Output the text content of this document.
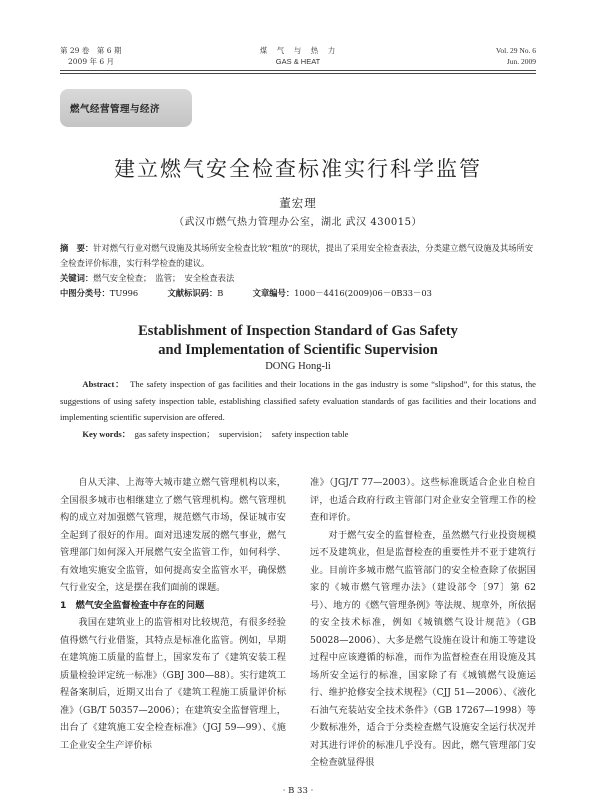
第 29 卷　第 6 期
2009 年 6 月
煤　气　与　热　力
GAS & HEAT
Vol. 29 No. 6
Jun. 2009
燃气经营管理与经济
建立燃气安全检查标准实行科学监管
董宏理
（武汉市燃气热力管理办公室，湖北 武汉 430015）
摘　要：针对燃气行业对燃气设施及其场所安全检查比较“粗放”的现状，提出了采用安全检查表法，分类建立燃气设施及其场所安全检查评价标准，实行科学检查的建议。
关键词：燃气安全检查；　监管；　安全检查表法
中图分类号：TU996	文献标识码：B	文章编号：1000－4416(2009)06－0B33－03
Establishment of Inspection Standard of Gas Safety
and Implementation of Scientific Supervision
DONG Hong-li
Abstract： The safety inspection of gas facilities and their locations in the gas industry is some “slipshod”, for this status, the suggestions of using safety inspection table, establishing classified safety evaluation standards of gas facilities and their locations and implementing scientific supervision are offered.
Key words： gas safety inspection；　supervision；　safety inspection table

自从天津、上海等大城市建立燃气管理机构以来，全国很多城市也相继建立了燃气管理机构。燃气管理机构的成立对加强燃气管理，规范燃气市场，保证城市安全起到了很好的作用。面对迅速发展的燃气事业，燃气管理部门如何深入开展燃气安全监管工作，如何科学、有效地实施安全监管，如何提高安全监管水平，确保燃气行业安全，这是摆在我们面前的课题。

1　燃气安全监督检查中存在的问题

我国在建筑业上的监管相对比较规范，有很多经验值得燃气行业借鉴，其特点是标准化监管。例如，早期在建筑施工质量的监督上，国家发布了《建筑安装工程质量检验评定统一标准》（GBJ 300—88）。实行建筑工程备案制后，近期又出台了《建筑工程施工质量评价标准》（GB/T 50357—2006）；在建筑安全监督管理上，出台了《建筑施工安全检查标准》（JGJ 59—99）、《施工企业安全生产评价标

准》（JGJ/T 77—2003）。这些标准既适合企业自检自评，也适合政府行政主管部门对企业安全管理工作的检查和评价。

对于燃气安全的监督检查，虽然燃气行业投资规模远不及建筑业，但是监督检查的重要性并不亚于建筑行业。目前许多城市燃气监管部门的安全检查除了依据国家的《城市燃气管理办法》（建设部令〔97〕第 62 号）、地方的《燃气管理条例》等法规、规章外，所依据的安全技术标准，例如《城镇燃气设计规范》（GB 50028—2006）、大多是燃气设施在设计和施工等建设过程中应该遵循的标准，而作为监督检查在用设施及其场所安全运行的标准，国家除了有《城镇燃气设施运行、维护抢修安全技术规程》（CJJ 51—2006）、《液化石油气充装站安全技术条件》（GB 17267—1998）等少数标准外，适合于分类检查燃气设施安全运行状况并对其进行评价的标准几乎没有。因此，燃气管理部门安全检查就显得很

· B 33 ·
